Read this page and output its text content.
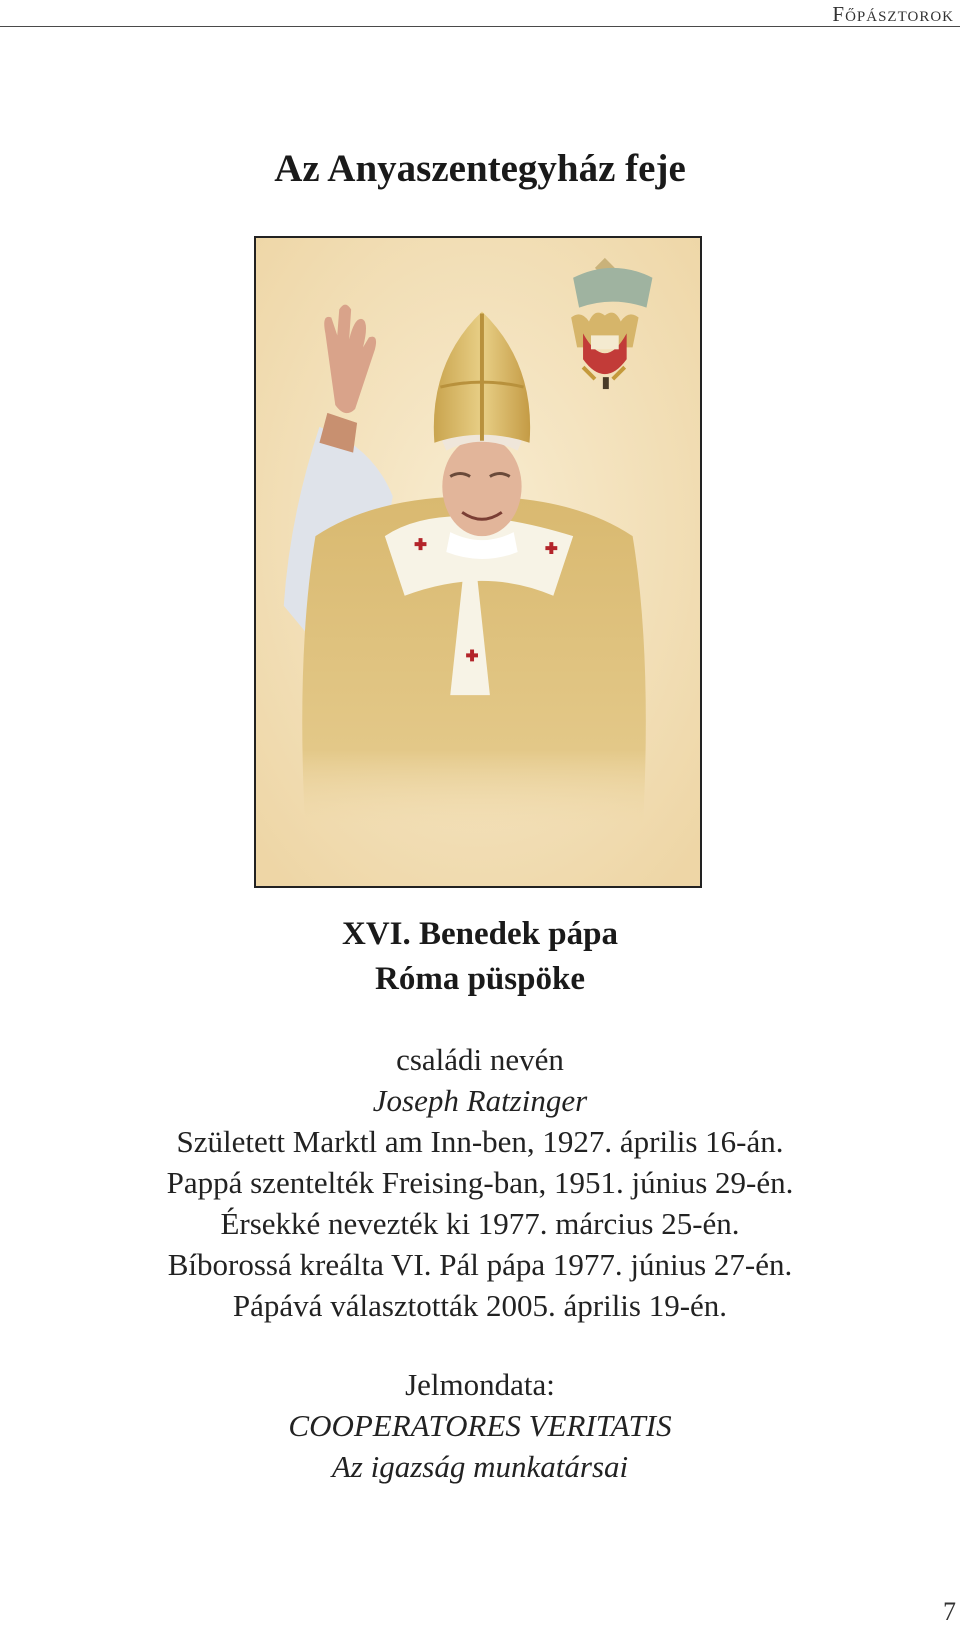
Főpásztorok
Az Anyaszentegyház feje
XVI. Benedek pápa
Róma püspöke
családi nevén
Joseph Ratzinger
Született Marktl am Inn-ben, 1927. április 16-án.
Pappá szentelték Freising-ban, 1951. június 29-én.
Érsekké nevezték ki 1977. március 25-én.
Bíborossá kreálta VI. Pál pápa 1977. június 27-én.
Pápává választották 2005. április 19-én.
Jelmondata:
COOPERATORES VERITATIS
Az igazság munkatársai
7
